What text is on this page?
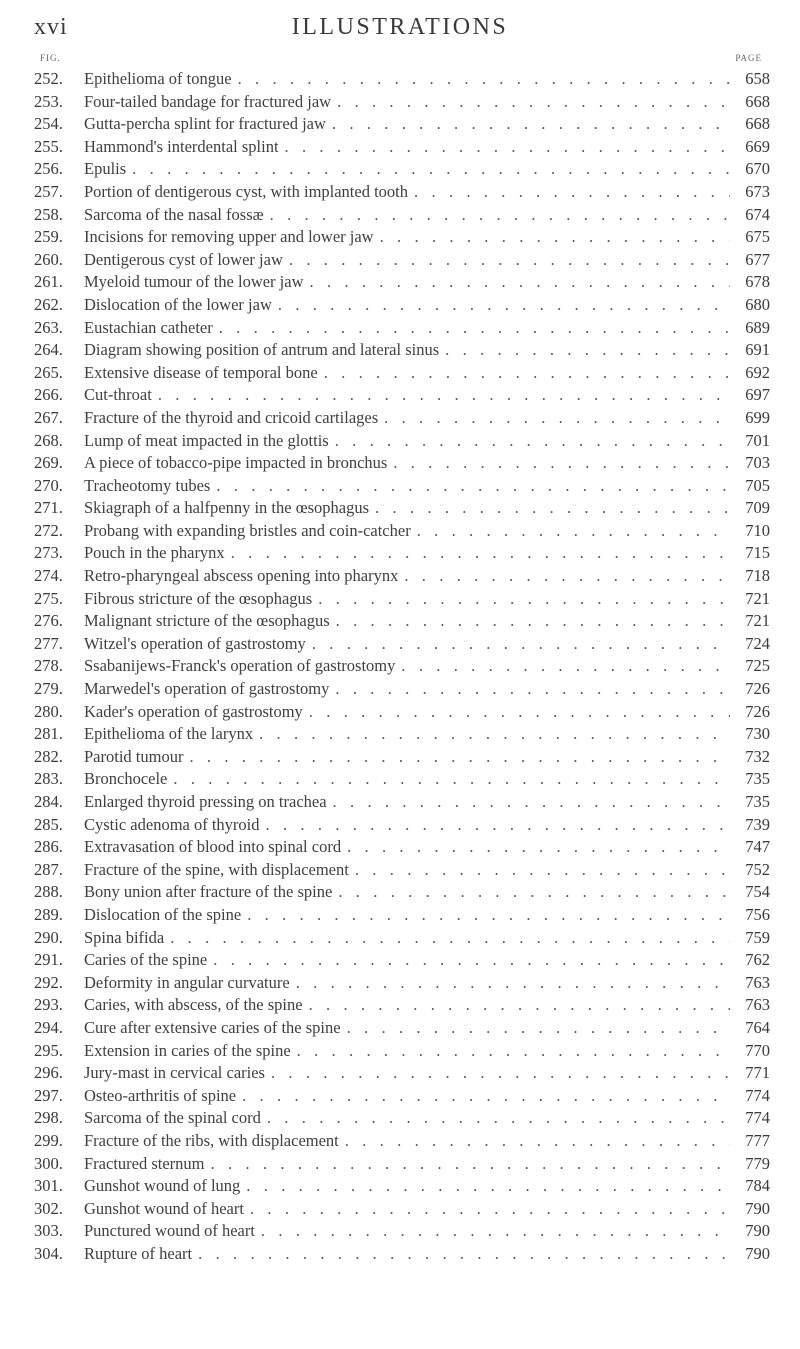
xvi	ILLUSTRATIONS
FIG.	PAGE
252.	Epithelioma of tongue . . .	658
253.	Four-tailed bandage for fractured jaw . . .	668
254.	Gutta-percha splint for fractured jaw . . .	668
255.	Hammond's interdental splint . . .	669
256.	Epulis . . .	670
257.	Portion of dentigerous cyst, with implanted tooth . . .	673
258.	Sarcoma of the nasal fossæ . . .	674
259.	Incisions for removing upper and lower jaw . . .	675
260.	Dentigerous cyst of lower jaw . . .	677
261.	Myeloid tumour of the lower jaw . . .	678
262.	Dislocation of the lower jaw . . .	680
263.	Eustachian catheter . . .	689
264.	Diagram showing position of antrum and lateral sinus . . .	691
265.	Extensive disease of temporal bone . . .	692
266.	Cut-throat . . .	697
267.	Fracture of the thyroid and cricoid cartilages . . .	699
268.	Lump of meat impacted in the glottis . . .	701
269.	A piece of tobacco-pipe impacted in bronchus . . .	703
270.	Tracheotomy tubes . . .	705
271.	Skiagraph of a halfpenny in the œsophagus . . .	709
272.	Probang with expanding bristles and coin-catcher . . .	710
273.	Pouch in the pharynx . . .	715
274.	Retro-pharyngeal abscess opening into pharynx . . .	718
275.	Fibrous stricture of the œsophagus . . .	721
276.	Malignant stricture of the œsophagus . . .	721
277.	Witzel's operation of gastrostomy . . .	724
278.	Ssabanijews-Franck's operation of gastrostomy . . .	725
279.	Marwedel's operation of gastrostomy . . .	726
280.	Kader's operation of gastrostomy . . .	726
281.	Epithelioma of the larynx . . .	730
282.	Parotid tumour . . .	732
283.	Bronchocele . . .	735
284.	Enlarged thyroid pressing on trachea . . .	735
285.	Cystic adenoma of thyroid . . .	739
286.	Extravasation of blood into spinal cord . . .	747
287.	Fracture of the spine, with displacement . . .	752
288.	Bony union after fracture of the spine . . .	754
289.	Dislocation of the spine . . .	756
290.	Spina bifida . . .	759
291.	Caries of the spine . . .	762
292.	Deformity in angular curvature . . .	763
293.	Caries, with abscess, of the spine . . .	763
294.	Cure after extensive caries of the spine . . .	764
295.	Extension in caries of the spine . . .	770
296.	Jury-mast in cervical caries . . .	771
297.	Osteo-arthritis of spine . . .	774
298.	Sarcoma of the spinal cord . . .	774
299.	Fracture of the ribs, with displacement . . .	777
300.	Fractured sternum . . .	779
301.	Gunshot wound of lung . . .	784
302.	Gunshot wound of heart . . .	790
303.	Punctured wound of heart . . .	790
304.	Rupture of heart . . .	790
